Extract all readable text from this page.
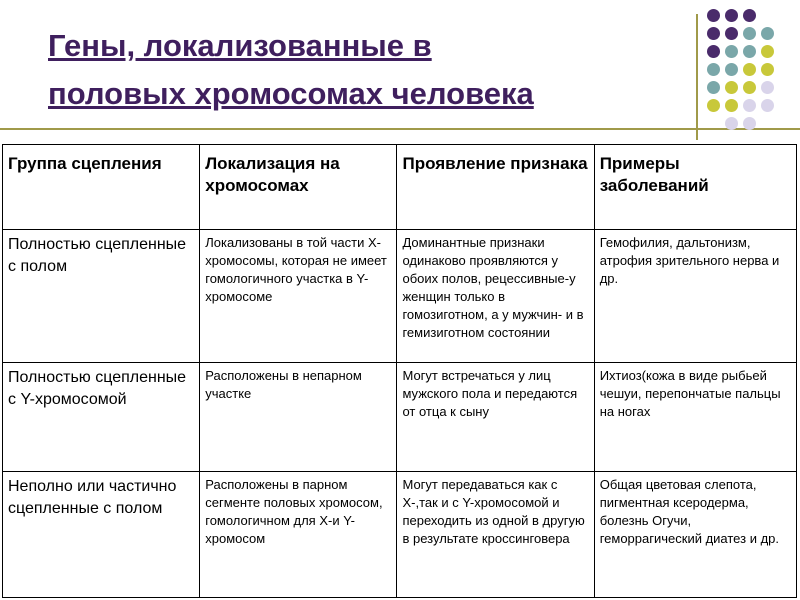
Гены, локализованные в
половых хромосомах человека
Группа сцепления	Локализация на хромосомах	Проявление признака	Примеры заболеваний
Полностью сцепленные с полом	Локализованы в той части Х-хромосомы, которая не имеет гомологичного участка в Y-хромосоме	Доминантные признаки одинаково проявляются у обоих полов, рецессивные-у женщин только в гомозиготном, а у мужчин- и в гемизиготном состоянии	Гемофилия, дальтонизм, атрофия зрительного нерва и др.
Полностью сцепленные с Y-хромосомой	Расположены в непарном участке	Могут встречаться у лиц мужского пола и передаются от отца к сыну	Ихтиоз(кожа в виде рыбьей чешуи, перепончатые пальцы на ногах
Неполно или частично сцепленные с полом	Расположены в парном сегменте половых хромосом, гомологичном для Х-и Y-хромосом	Могут передаваться как с Х-,так и с Y-хромосомой и переходить из одной в другую в результате кроссинговера	Общая цветовая слепота, пигментная ксеродерма, болезнь Огучи, геморрагический диатез и др.
